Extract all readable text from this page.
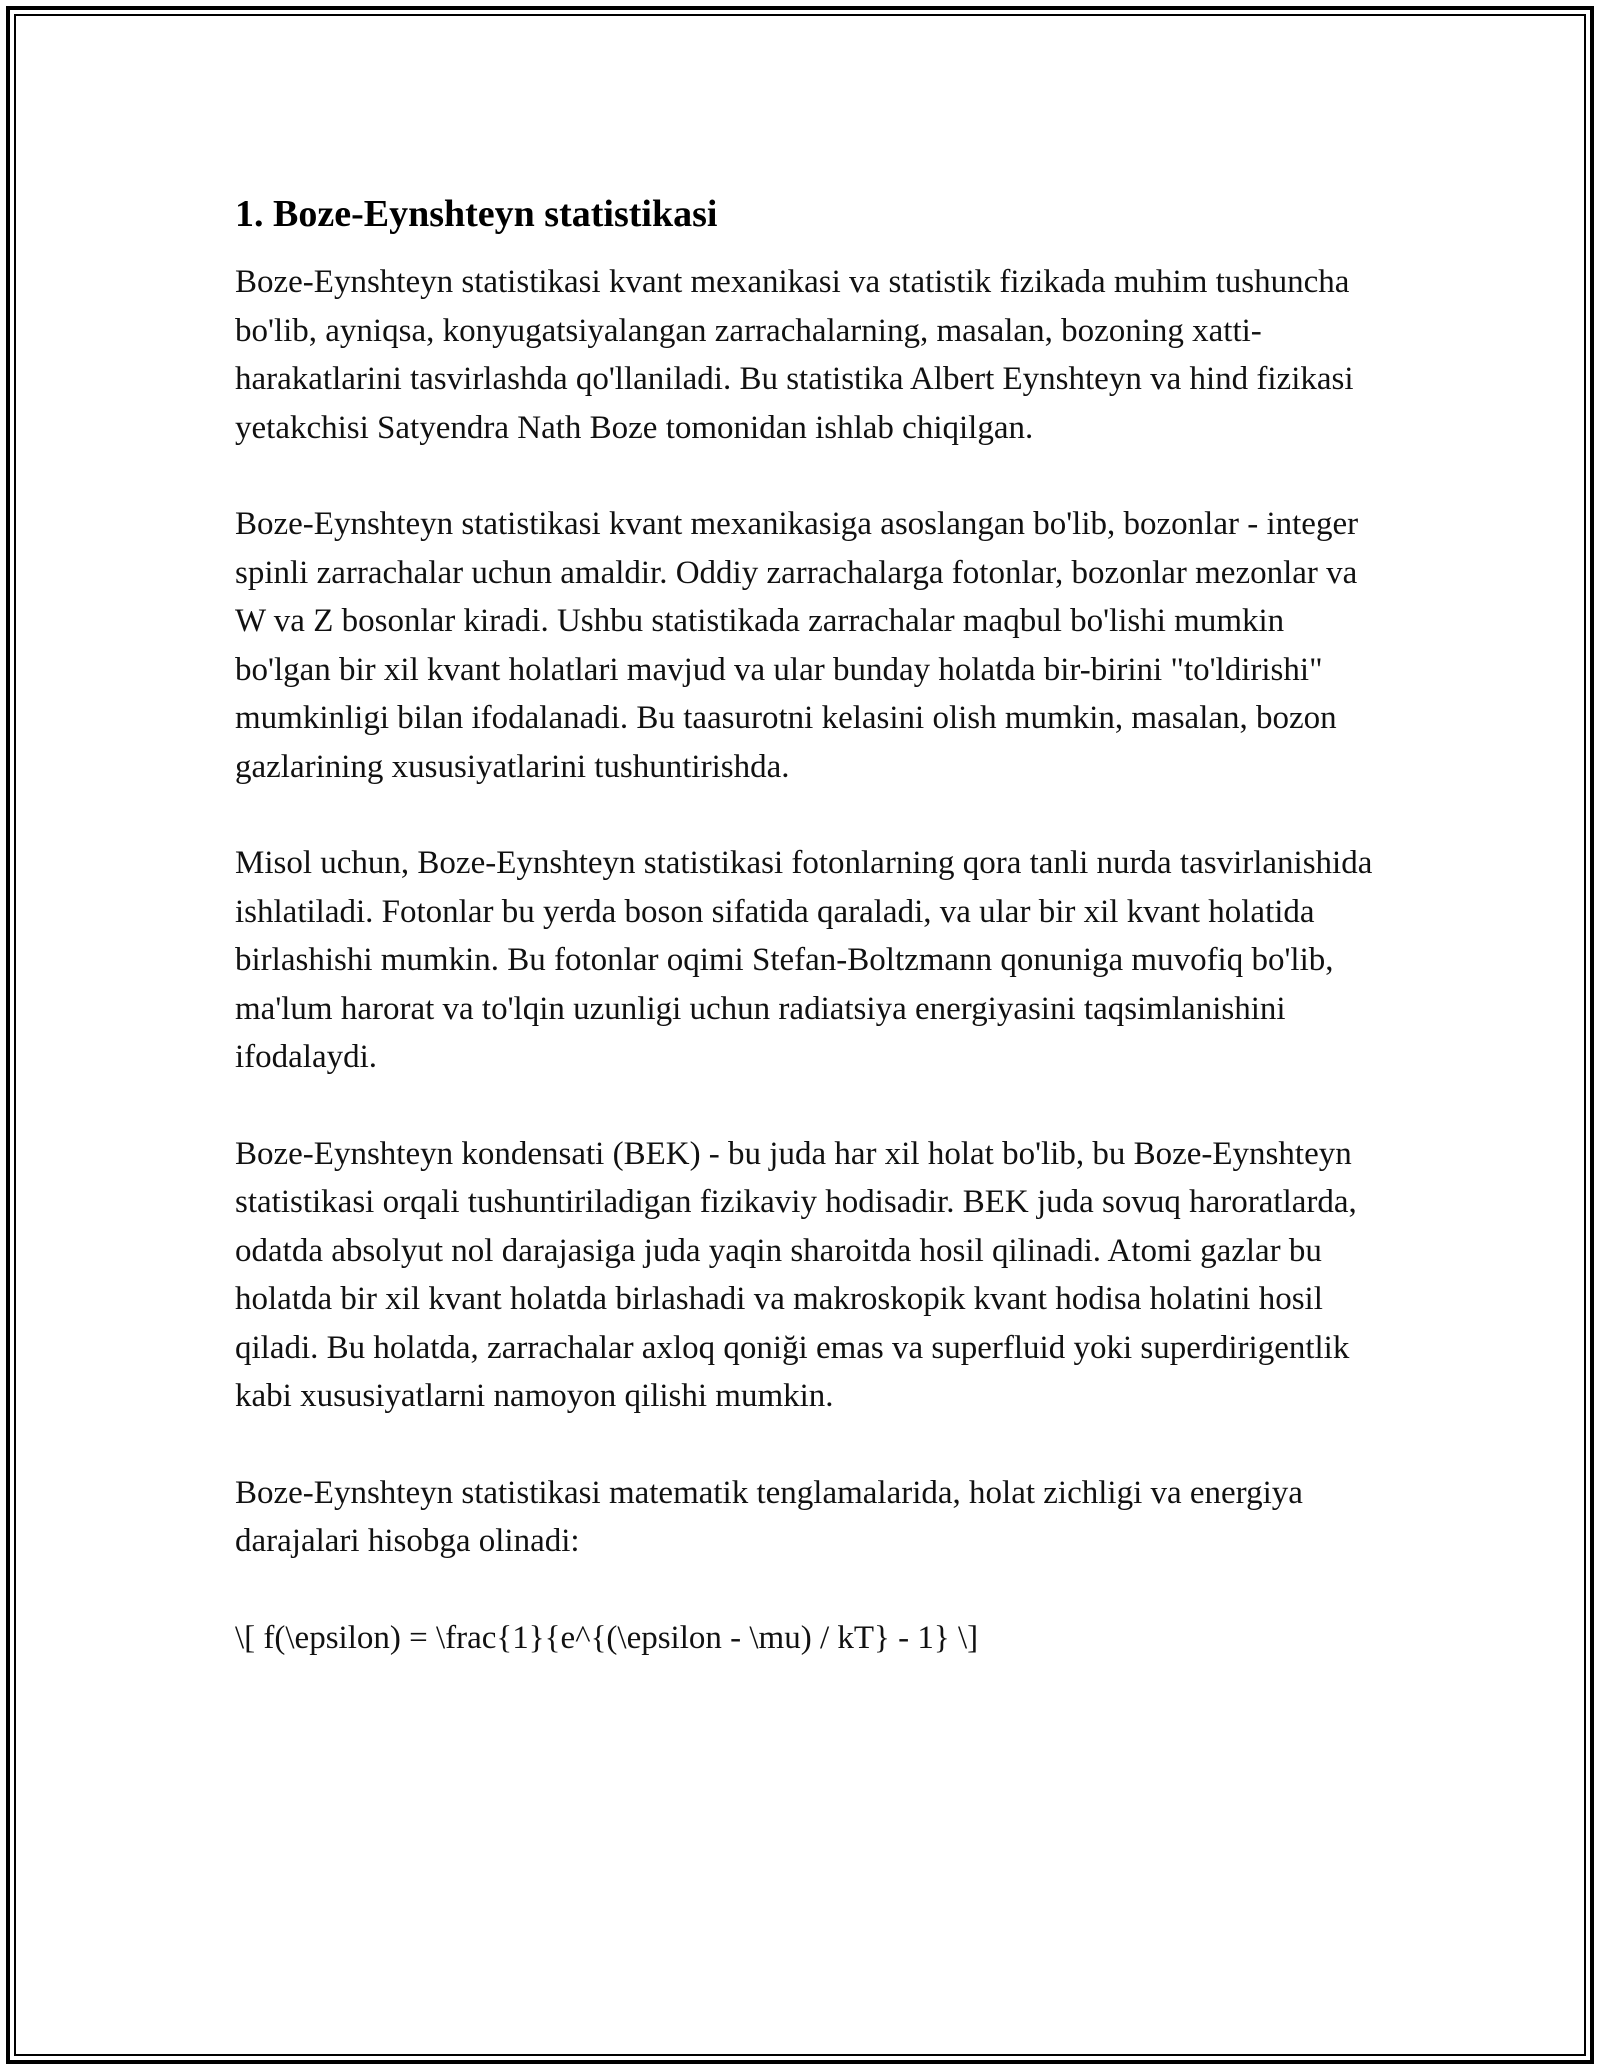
1. Boze-Eynshteyn statistikasi

Boze-Eynshteyn statistikasi kvant mexanikasi va statistik fizikada muhim tushuncha bo'lib, ayniqsa, konyugatsiyalangan zarrachalarning, masalan, bozoning xatti-harakatlarini tasvirlashda qo'llaniladi. Bu statistika Albert Eynshteyn va hind fizikasi yetakchisi Satyendra Nath Boze tomonidan ishlab chiqilgan.

Boze-Eynshteyn statistikasi kvant mexanikasiga asoslangan bo'lib, bozonlar - integer spinli zarrachalar uchun amaldir. Oddiy zarrachalarga fotonlar, bozonlar mezonlar va W va Z bosonlar kiradi. Ushbu statistikada zarrachalar maqbul bo'lishi mumkin bo'lgan bir xil kvant holatlari mavjud va ular bunday holatda bir-birini "to'ldirishi" mumkinligi bilan ifodalanadi. Bu taasurotni kelasini olish mumkin, masalan, bozon gazlarining xususiyatlarini tushuntirishda.

Misol uchun, Boze-Eynshteyn statistikasi fotonlarning qora tanli nurda tasvirlanishida ishlatiladi. Fotonlar bu yerda boson sifatida qaraladi, va ular bir xil kvant holatida birlashishi mumkin. Bu fotonlar oqimi Stefan-Boltzmann qonuniga muvofiq bo'lib, ma'lum harorat va to'lqin uzunligi uchun radiatsiya energiyasini taqsimlanishini ifodalaydi.

Boze-Eynshteyn kondensati (BEK) - bu juda har xil holat bo'lib, bu Boze-Eynshteyn statistikasi orqali tushuntiriladigan fizikaviy hodisadir. BEK juda sovuq haroratlarda, odatda absolyut nol darajasiga juda yaqin sharoitda hosil qilinadi. Atomi gazlar bu holatda bir xil kvant holatda birlashadi va makroskopik kvant hodisa holatini hosil qiladi. Bu holatda, zarrachalar axloq qoniği emas va superfluid yoki superdirigentlik kabi xususiyatlarni namoyon qilishi mumkin.

Boze-Eynshteyn statistikasi matematik tenglamalarida, holat zichligi va energiya darajalari hisobga olinadi:

\[ f(\epsilon) = \frac{1}{e^{(\epsilon - \mu) / kT} - 1} \]
